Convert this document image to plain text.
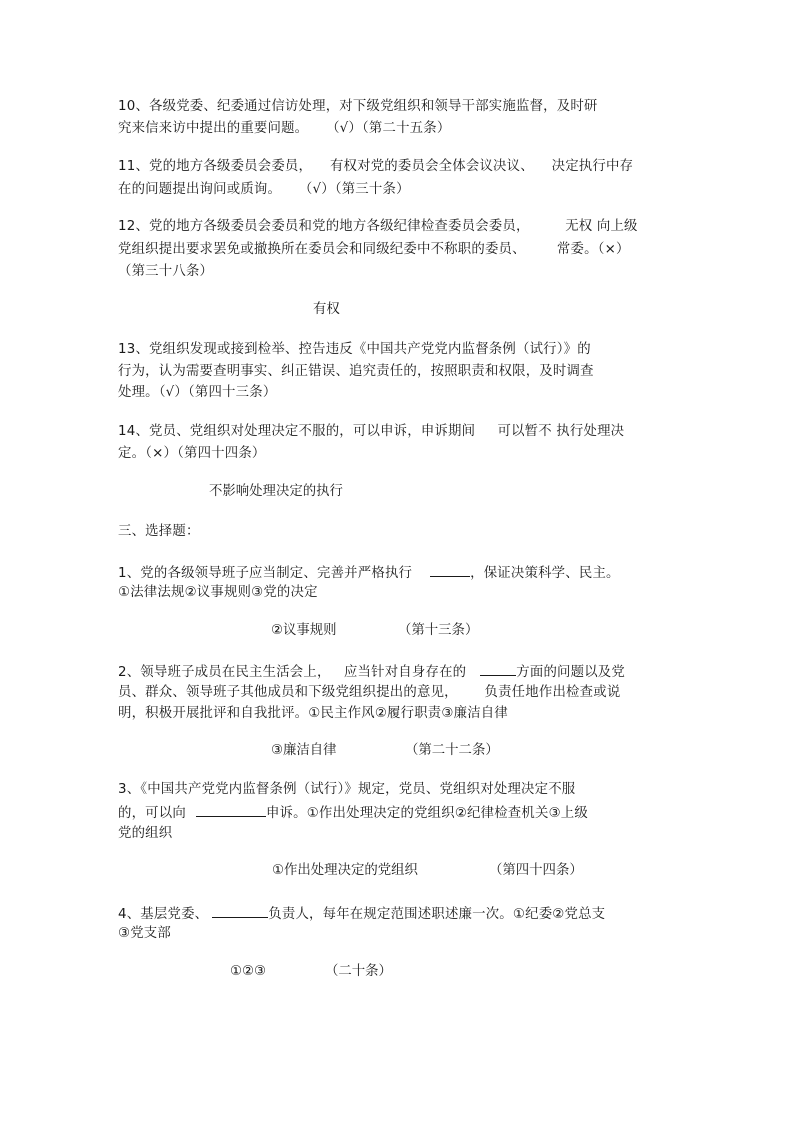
10、各级党委、纪委通过信访处理，对下级党组织和领导干部实施监督，及时研
究来信来访中提出的重要问题。    （√）（第二十五条）
11、党的地方各级委员会委员，    有权对党的委员会全体会议决议、    决定执行中存
在的问题提出询问或质询。    （√）（第三十条）
12、党的地方各级委员会委员和党的地方各级纪律检查委员会委员，        无权 向上级
党组织提出要求罢免或撤换所在委员会和同级纪委中不称职的委员、       常委。（×）
（第三十八条）
有权
13、党组织发现或接到检举、控告违反《中国共产党党内监督条例（试行）》的
行为，认为需要查明事实、纠正错误、追究责任的，按照职责和权限，及时调查
处理。（√）（第四十三条）
14、党员、党组织对处理决定不服的，可以申诉，申诉期间     可以暂不 执行处理决
定。（×）（第四十四条）
不影响处理决定的执行
三、选择题：
1、党的各级领导班子应当制定、完善并严格执行	，保证决策科学、民主。
①法律法规②议事规则③党的决定
②议事规则	（第十三条）
2、领导班子成员在民主生活会上，   应当针对自身存在的	方面的问题以及党
员、群众、领导班子其他成员和下级党组织提出的意见，      负责任地作出检查或说
明，积极开展批评和自我批评。①民主作风②履行职责③廉洁自律
③廉洁自律	（第二十二条）
3、《中国共产党党内监督条例（试行）》规定，党员、党组织对处理决定不服
的，可以向	申诉。①作出处理决定的党组织②纪律检查机关③上级
党的组织
①作出处理决定的党组织	（第四十四条）
4、基层党委、	负责人，每年在规定范围述职述廉一次。①纪委②党总支
③党支部
①②③	（二十条）
